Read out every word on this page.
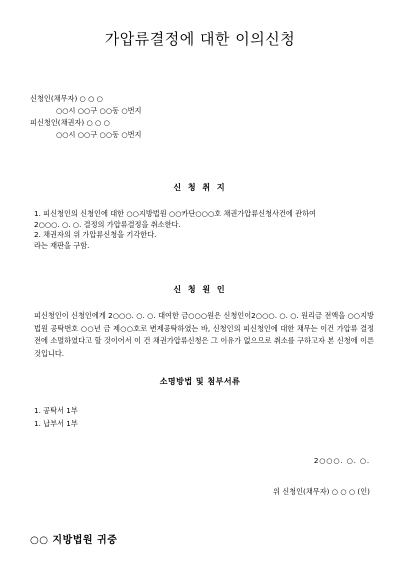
가압류결정에 대한 이의신청
신청인(채무자) ○ ○ ○
○○시 ○○구 ○○동 ○번지
피신청인(채권자) ○ ○ ○
○○시 ○○구 ○○동 ○번지
신 청 취 지

1. 피신청인의 신청인에 대한 ○○지방법원 ○○카단○○○호 채권가압류신청사건에 관하여

2○○○. ○. ○. 결정의 가압류결정을 취소한다.

2. 채권자의 위 가압류신청을 기각한다.

라는 재판을 구함.

신 청 원 인
피신청인이 신청인에게 2○○○. ○. ○. 대여한 금○○○원은 신청인이2○○○. ○. ○. 원리금 전액을 ○○지방법원 공탁번호 ○○년 금 제○○호로 변제공탁하였는 바, 신청인의 피신청인에 대한 채무는 이건 가압류 결정전에 소멸하였다고 할 것이어서 이 건 채권가압류신청은 그 이유가 없으므로 취소를 구하고자 본 신청에 이른 것입니다.
소명방법 및 첨부서류

1. 공탁서 1부

1. 납부서 1부

2○○○. ○. ○.
위 신청인(채무자) ○ ○ ○ (인)
○○ 지방법원 귀중
